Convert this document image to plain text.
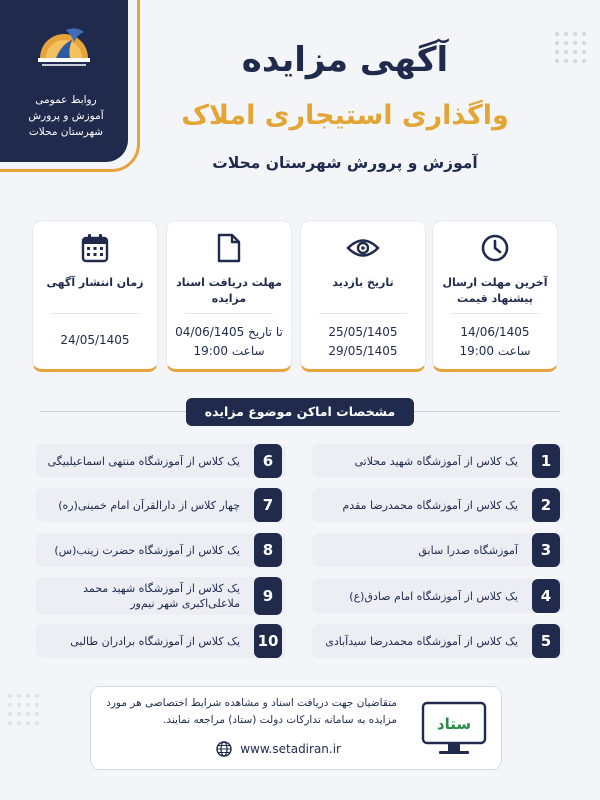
روابط عمومی
آموزش و پرورش
شهرستان محلات
آگهی مزایده
واگذاری استیجاری املاک
آموزش و پرورش شهرستان محلات
آخرین مهلت ارسال پیشنهاد قیمت
14/06/1405
ساعت 19:00
تاریخ بازدید
25/05/1405
29/05/1405
مهلت دریافت اسناد مزایده
تا تاریخ 04/06/1405
ساعت 19:00
زمان انتشار آگهی
24/05/1405
مشخصات اماکن موضوع مزایده
1
یک کلاس از آموزشگاه شهید محلاتی
2
یک کلاس از آموزشگاه محمدرضا مقدم
3
آموزشگاه صدرا سابق
4
یک کلاس از آموزشگاه امام صادق(ع)
5
یک کلاس از آموزشگاه محمدرضا سیدآبادی
6
یک کلاس از آموزشگاه منتهی اسماعیلبیگی
7
چهار کلاس از دارالقرآن امام خمینی(ره)
8
یک کلاس از آموزشگاه حضرت زینب(س)
9
یک کلاس از آموزشگاه شهید محمد ملاعلی‌اکبری شهر نیم‌ور
10
یک کلاس از آموزشگاه برادران طالبی
متقاضیان جهت دریافت اسناد و مشاهده شرایط اختصاصی هر مورد مزایده به سامانه تدارکات دولت (ستاد) مراجعه نمایند.
www.setadiran.ir
ستاد
